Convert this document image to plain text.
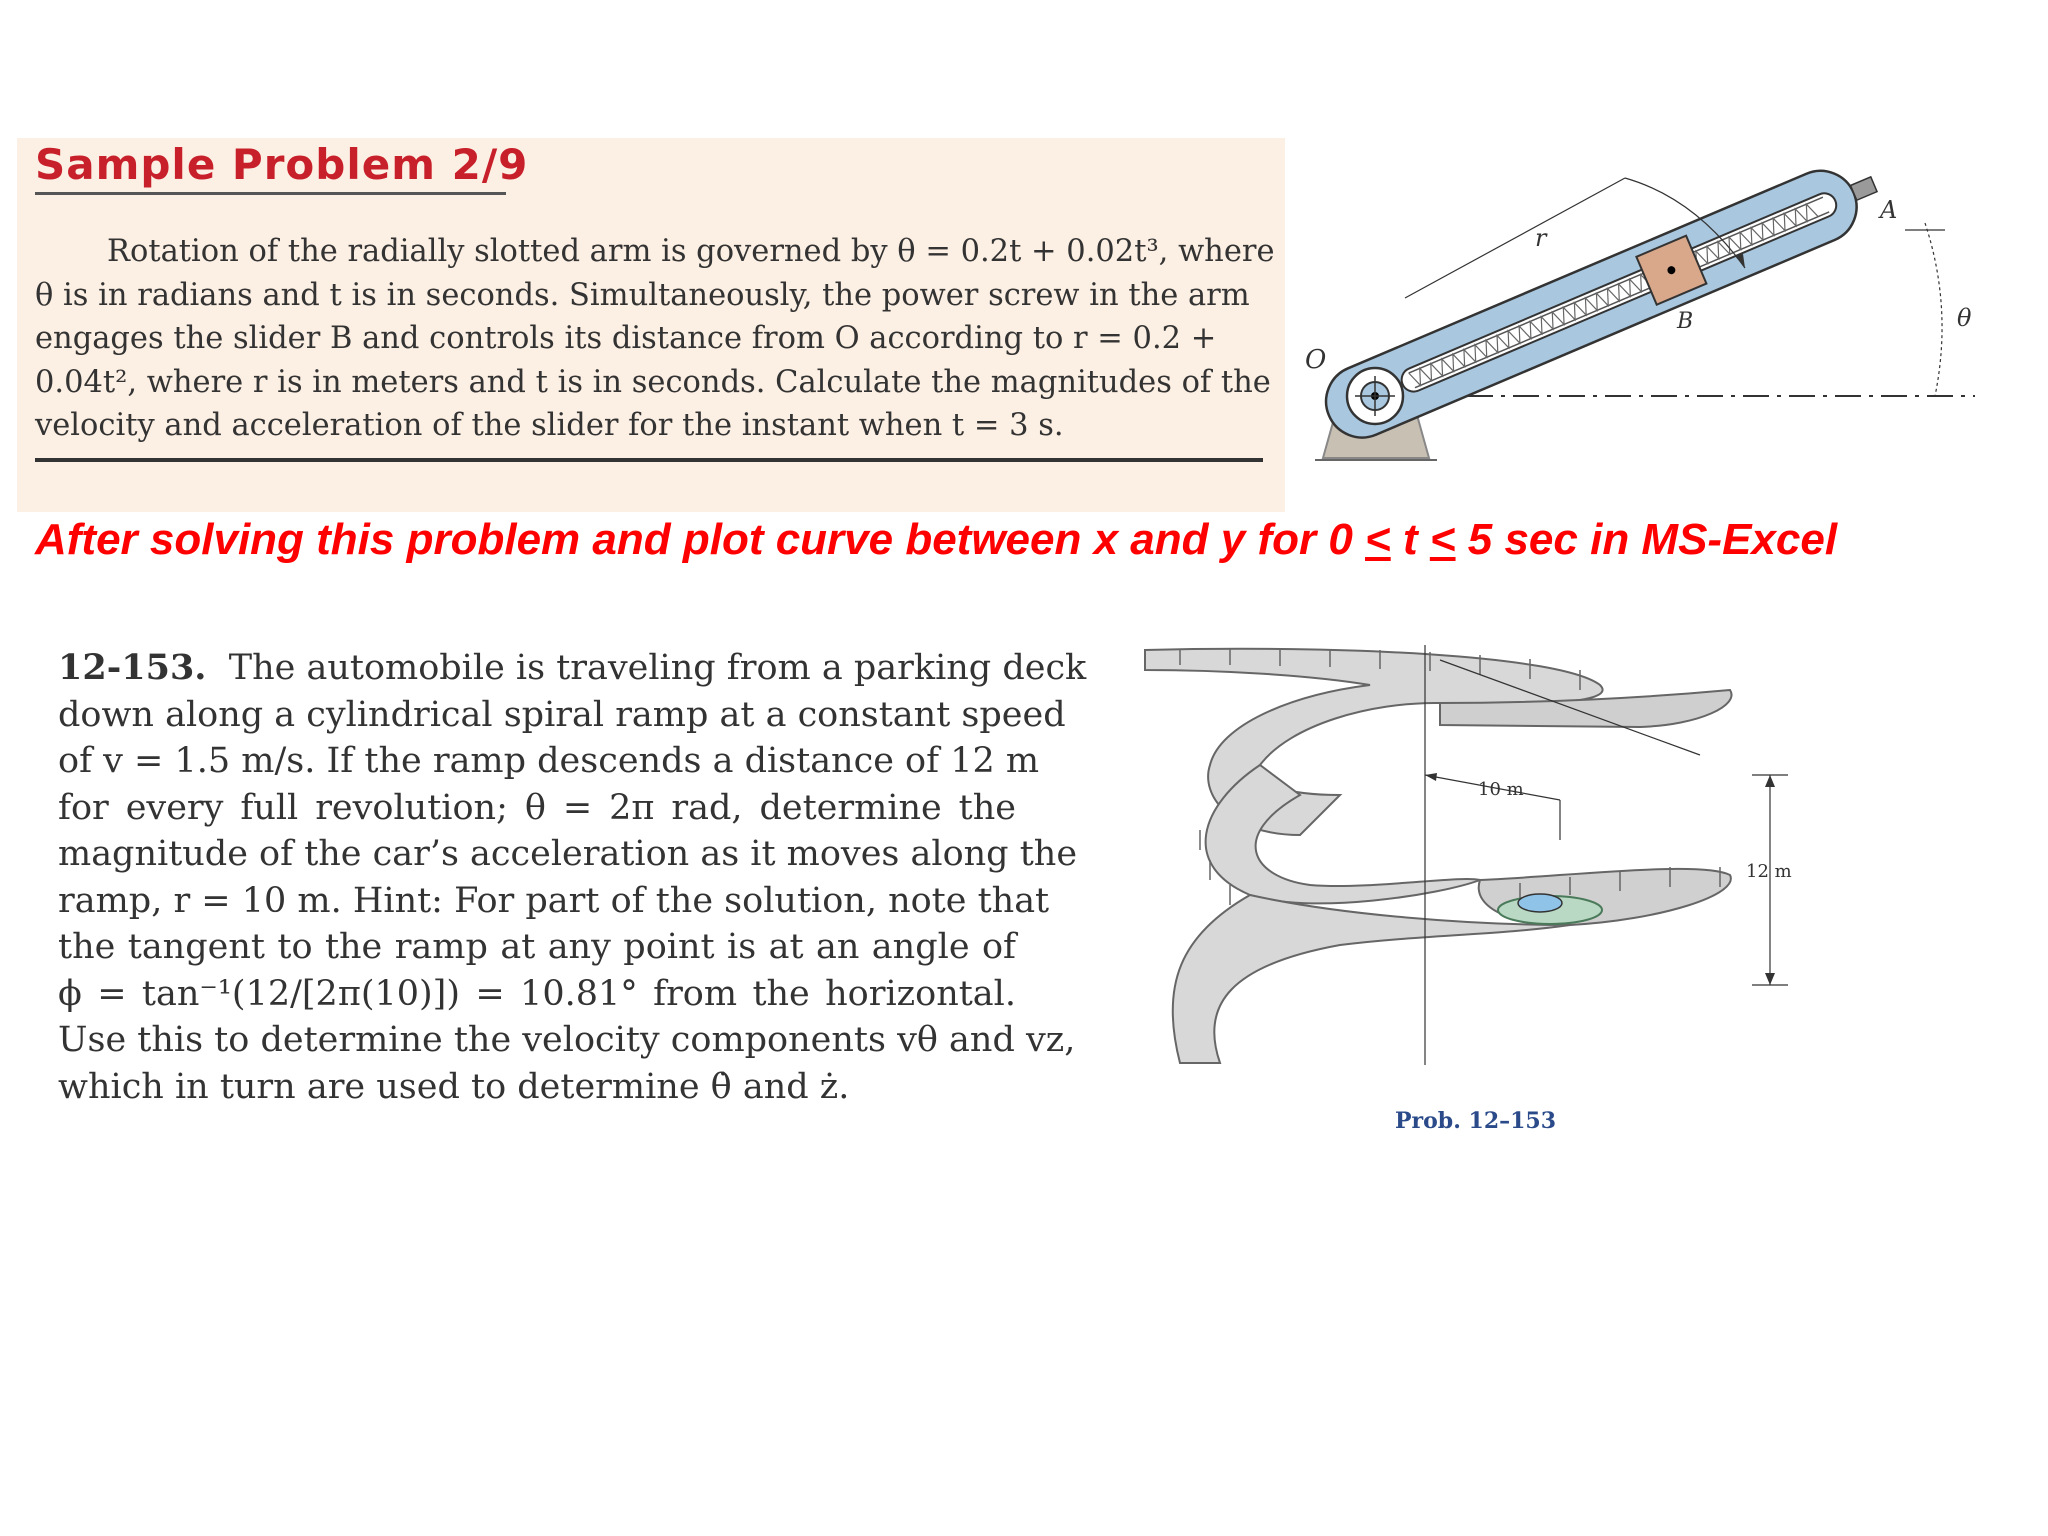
Sample Problem 2/9
Rotation of the radially slotted arm is governed by θ = 0.2t + 0.02t³, where
θ is in radians and t is in seconds. Simultaneously, the power screw in the arm
engages the slider B and controls its distance from O according to r = 0.2 +
0.04t², where r is in meters and t is in seconds. Calculate the magnitudes of the
velocity and acceleration of the slider for the instant when t = 3 s.
O
r
B
A
θ
After solving this problem and plot curve between x and y for 0 < t < 5 sec in MS-Excel
12-153. The automobile is traveling from a parking deck
down along a cylindrical spiral ramp at a constant speed
of v = 1.5 m/s. If the ramp descends a distance of 12 m
for every full revolution; θ = 2π rad, determine the
magnitude of the car’s acceleration as it moves along the
ramp, r = 10 m. Hint: For part of the solution, note that
the tangent to the ramp at any point is at an angle of
ϕ = tan⁻¹(12/[2π(10)]) = 10.81° from the horizontal.
Use this to determine the velocity components vθ and vz,
which in turn are used to determine θ̇ and ż.
10 m
12 m
Prob. 12–153
